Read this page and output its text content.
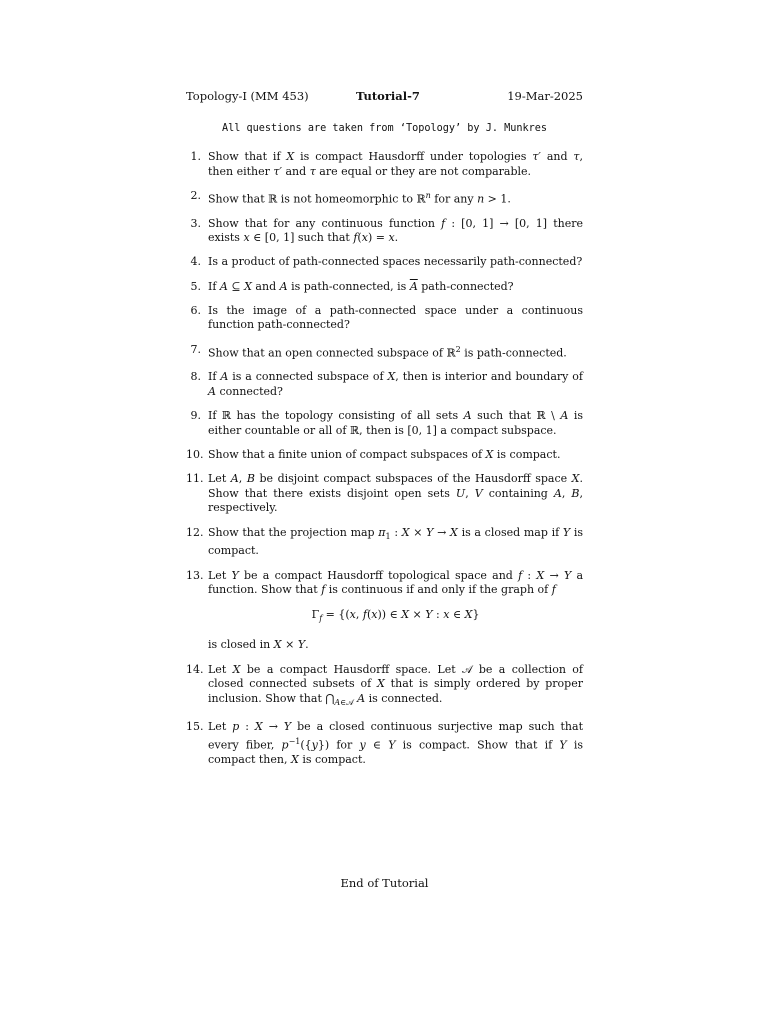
Topology-I (MM 453)	Tutorial-7	19-Mar-2025
All questions are taken from ‘Topology’ by J. Munkres
1. Show that if X is compact Hausdorff under topologies τ′ and τ, then either τ′ and τ are equal or they are not comparable.
2. Show that ℝ is not homeomorphic to ℝ$^n$ for any n > 1.
3. Show that for any continuous function f : [0, 1] → [0, 1] there exists x ∈ [0, 1] such that f(x) = x.
4. Is a product of path-connected spaces necessarily path-connected?
5. If A ⊆ X and A is path-connected, is $\overline{A}$ path-connected?
6. Is the image of a path-connected space under a continuous function path-connected?
7. Show that an open connected subspace of ℝ$^2$ is path-connected.
8. If A is a connected subspace of X, then is interior and boundary of A connected?
9. If ℝ has the topology consisting of all sets A such that ℝ \ A is either countable or all of ℝ, then is [0, 1] a compact subspace.
10. Show that a finite union of compact subspaces of X is compact.
11. Let A, B be disjoint compact subspaces of the Hausdorff space X. Show that there exists disjoint open sets U, V containing A, B, respectively.
12. Show that the projection map $\pi_1$ : X × Y → X is a closed map if Y is compact.
13. Let Y be a compact Hausdorff topological space and f : X → Y a function. Show that f is continuous if and only if the graph of f
$\Gamma_f = \{(x$, f(x)) ∈ X × Y : x ∈ X}
is closed in X × Y.
14. Let X be a compact Hausdorff space. Let 𝒜 be a collection of closed connected subsets of X that is simply ordered by proper inclusion. Show that $⋂_{A\in 𝒜}$ A is connected.
15. Let p : X → Y be a closed continuous surjective map such that every fiber, $p^{-1}(\{y\})$ for y ∈ Y is compact. Show that if Y is compact then, X is compact.
End of Tutorial
